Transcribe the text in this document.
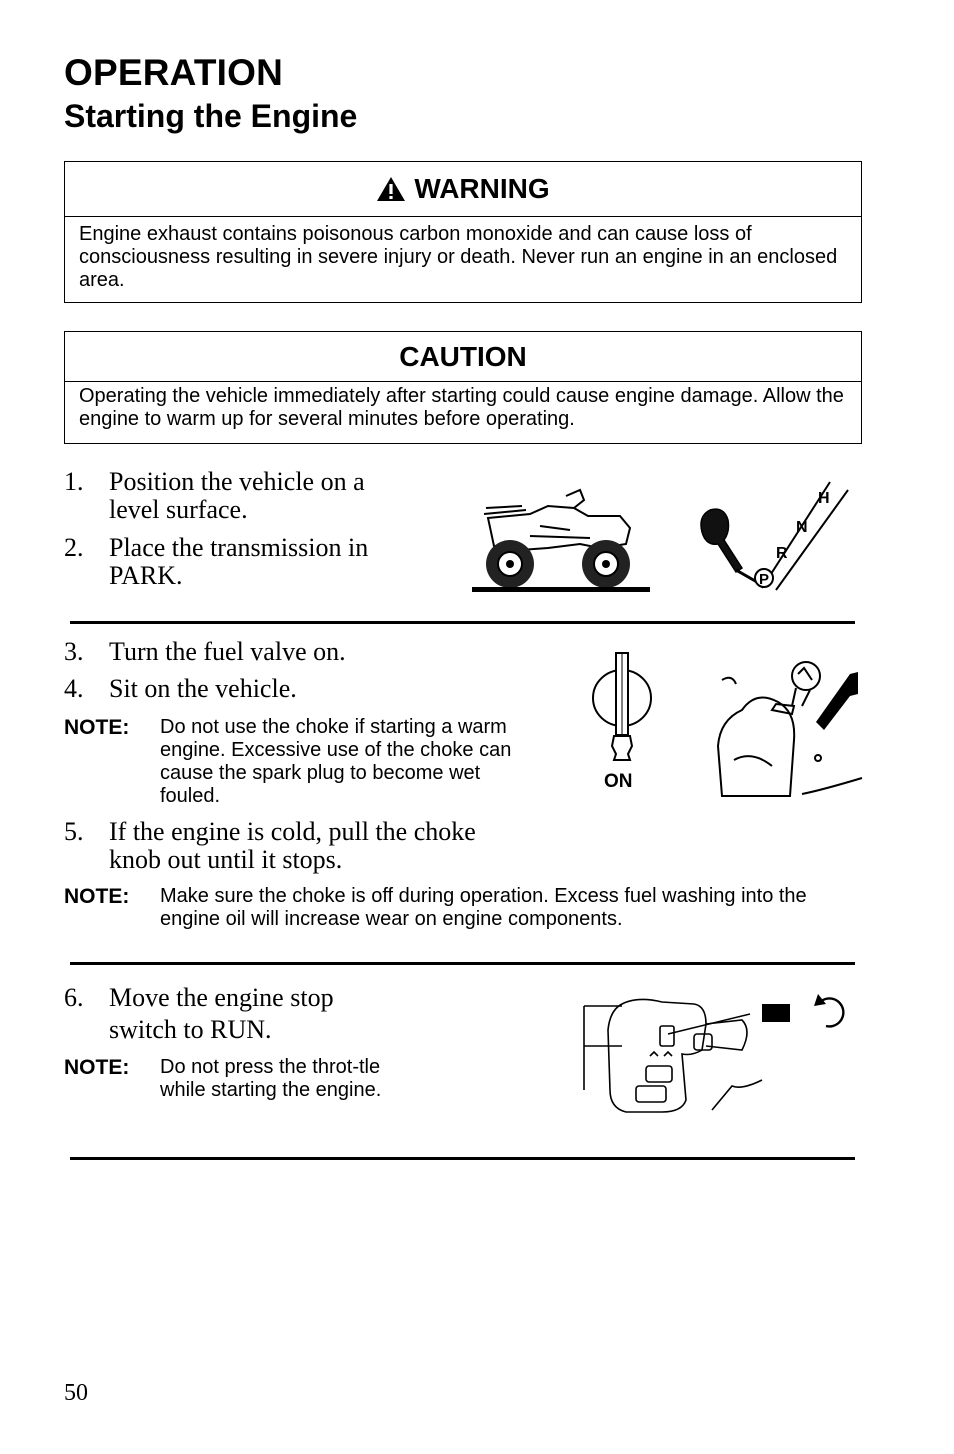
OPERATION
Starting the Engine
WARNING
Engine exhaust contains poisonous carbon monoxide and can cause loss of consciousness resulting in severe injury or death. Never run an engine in an enclosed area.
CAUTION
Operating the vehicle immediately after starting could cause engine damage. Allow the engine to warm up for several minutes before operating.
1. Position the vehicle on a level surface.
2. Place the transmission in PARK.
H
N
R
P
3. Turn the fuel valve on.
4. Sit on the vehicle.
NOTE: Do not use the choke if starting a warm engine. Excessive use of the choke can cause the spark plug to become wet fouled.
ON
5. If the engine is cold, pull the choke knob out until it stops.
NOTE: Make sure the choke is off during operation. Excess fuel washing into the engine oil will increase wear on engine components.
6. Move the engine stop switch to RUN.
NOTE: Do not press the throt-tle while starting the engine.
50
